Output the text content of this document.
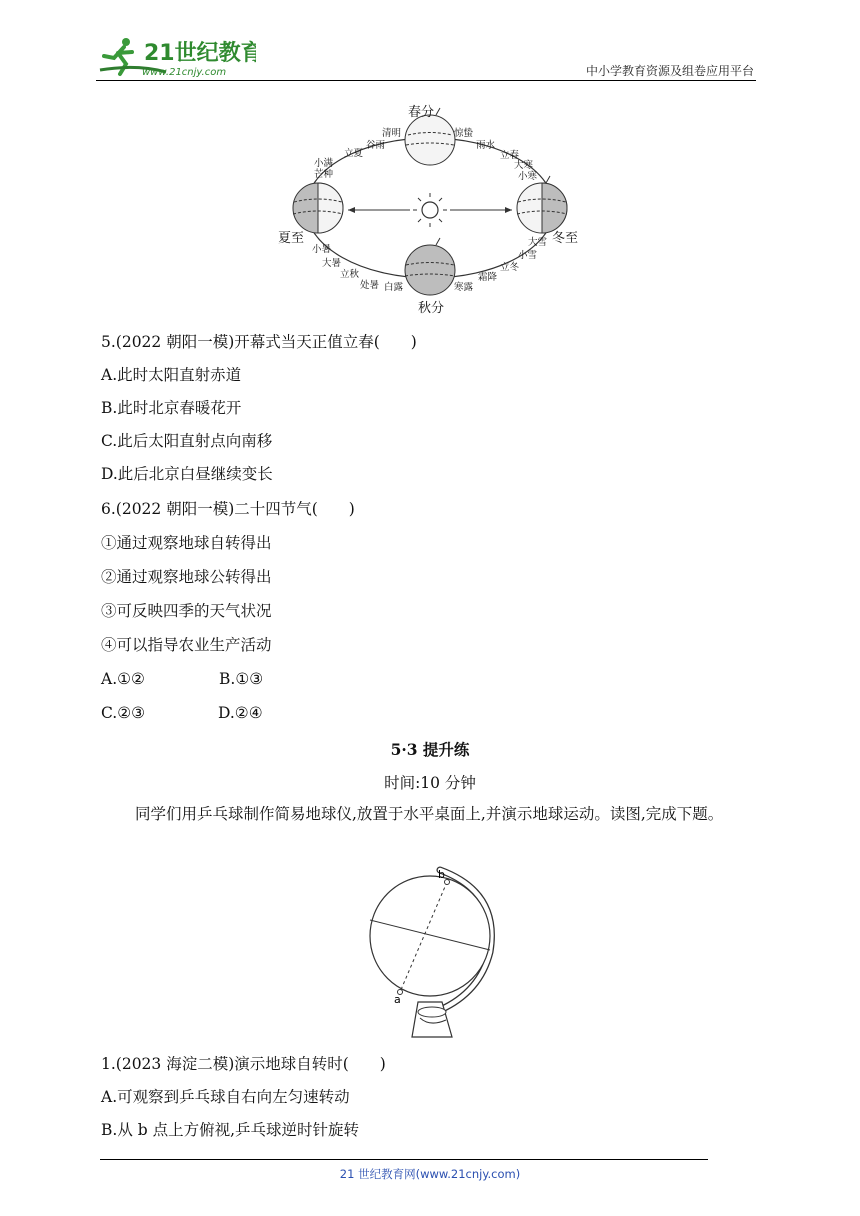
21世纪教育
www.21cnjy.com	中小学教育资源及组卷应用平台
春分
夏至
秋分
冬至
清明
谷雨
立夏
小满
芒种
惊蛰
雨水
立春
大寒
小寒
小暑
大暑
立秋
处暑 白露	寒露
霜降
立冬
小雪
大雪
5.(2022 朝阳一模)开幕式当天正值立春(　　)
A.此时太阳直射赤道
B.此时北京春暖花开
C.此后太阳直射点向南移
D.此后北京白昼继续变长
6.(2022 朝阳一模)二十四节气(　　)
①通过观察地球自转得出
②通过观察地球公转得出
③可反映四季的天气状况
④可以指导农业生产活动
A.①②	B.①③
C.②③	D.②④
5·3 提升练
时间:10 分钟
同学们用乒乓球制作简易地球仪,放置于水平桌面上,并演示地球运动。读图,完成下题。
b
a
1.(2023 海淀二模)演示地球自转时(　　)
A.可观察到乒乓球自右向左匀速转动
B.从 b 点上方俯视,乒乓球逆时针旋转
21 世纪教育网(www.21cnjy.com)
